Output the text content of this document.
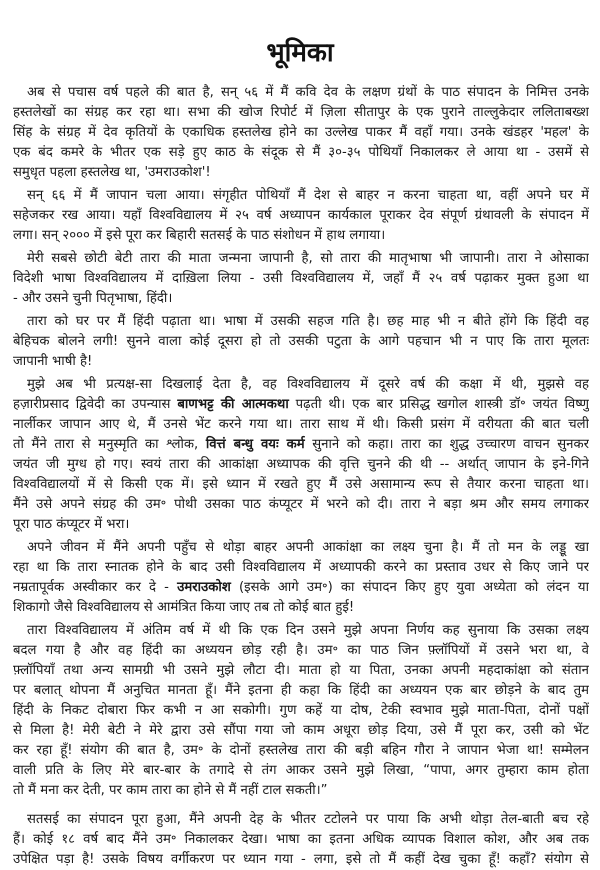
भूमिका
अब से पचास वर्ष पहले की बात है, सन् ५६ में मैं कवि देव के लक्षण ग्रंथों के पाठ संपादन के निमित्त उनके
हस्तलेखों का संग्रह कर रहा था। सभा की खोज रिपोर्ट में ज़िला सीतापुर के एक पुराने ताल्लुकेदार ललिताबख्श
सिंह के संग्रह में देव कृतियों के एकाधिक हस्तलेख होने का उल्लेख पाकर मैं वहाँ गया। उनके खंडहर 'महल' के
एक बंद कमरे के भीतर एक सड़े हुए काठ के संदूक से मैं ३०-३५ पोथियाँ निकालकर ले आया था - उसमें से
समुधृत पहला हस्तलेख था, 'उमराउकोश'!
सन् ६६ में मैं जापान चला आया। संगृहीत पोथियाँ मैं देश से बाहर न करना चाहता था, वहीं अपने घर में
सहेजकर रख आया। यहाँ विश्वविद्यालय में २५ वर्ष अध्यापन कार्यकाल पूराकर देव संपूर्ण ग्रंथावली के संपादन में
लगा। सन् २००० में इसे पूरा कर बिहारी सतसई के पाठ संशोधन में हाथ लगाया।
मेरी सबसे छोटी बेटी तारा की माता जन्मना जापानी है, सो तारा की मातृभाषा भी जापानी। तारा ने ओसाका
विदेशी भाषा विश्वविद्यालय में दाख़िला लिया - उसी विश्वविद्यालय में, जहाँ मैं २५ वर्ष पढ़ाकर मुक्त हुआ था
- और उसने चुनी पितृभाषा, हिंदी।
तारा को घर पर मैं हिंदी पढ़ाता था। भाषा में उसकी सहज गति है। छह माह भी न बीते होंगे कि हिंदी वह
बेहिचक बोलने लगी! सुनने वाला कोई दूसरा हो तो उसकी पटुता के आगे पहचान भी न पाए कि तारा मूलतः
जापानी भाषी है!
मुझे अब भी प्रत्यक्ष-सा दिखलाई देता है, वह विश्वविद्यालय में दूसरे वर्ष की कक्षा में थी, मुझसे वह
हज़ारीप्रसाद द्विवेदी का उपन्यास बाणभट्ट की आत्मकथा पढ़ती थी। एक बार प्रसिद्ध खगोल शास्त्री डॉ॰ जयंत विष्णु
नार्लीकर जापान आए थे, मैं उनसे भेंट करने गया था। तारा साथ में थी। किसी प्रसंग में वरीयता की बात चली
तो मैंने तारा से मनुस्मृति का श्लोक, वित्तं बन्धु वयः कर्म सुनाने को कहा। तारा का शुद्ध उच्चारण वाचन सुनकर
जयंत जी मुग्ध हो गए। स्वयं तारा की आकांक्षा अध्यापक की वृत्ति चुनने की थी -- अर्थात् जापान के इने-गिने
विश्वविद्यालयों में से किसी एक में। इसे ध्यान में रखते हुए मैं उसे असामान्य रूप से तैयार करना चाहता था।
मैंने उसे अपने संग्रह की उम॰ पोथी उसका पाठ कंप्यूटर में भरने को दी। तारा ने बड़ा श्रम और समय लगाकर
पूरा पाठ कंप्यूटर में भरा।
अपने जीवन में मैंने अपनी पहुँच से थोड़ा बाहर अपनी आकांक्षा का लक्ष्य चुना है। मैं तो मन के लड्डू खा
रहा था कि तारा स्नातक होने के बाद उसी विश्वविद्यालय में अध्यापकी करने का प्रस्ताव उधर से किए जाने पर
नम्रतापूर्वक अस्वीकार कर दे - उमराउकोश (इसके आगे उम॰) का संपादन किए हुए युवा अध्येता को लंदन या
शिकागो जैसे विश्वविद्यालय से आमंत्रित किया जाए तब तो कोई बात हुई!
तारा विश्वविद्यालय में अंतिम वर्ष में थी कि एक दिन उसने मुझे अपना निर्णय कह सुनाया कि उसका लक्ष्य
बदल गया है और वह हिंदी का अध्ययन छोड़ रही है। उम॰ का पाठ जिन फ़्लॉपियों में उसने भरा था, वे
फ़्लॉपियाँ तथा अन्य सामग्री भी उसने मुझे लौटा दी। माता हो या पिता, उनका अपनी महदाकांक्षा को संतान
पर बलात् थोपना मैं अनुचित मानता हूँ। मैंने इतना ही कहा कि हिंदी का अध्ययन एक बार छोड़ने के बाद तुम
हिंदी के निकट दोबारा फिर कभी न आ सकोगी। गुण कहें या दोष, टेकी स्वभाव मुझे माता-पिता, दोनों पक्षों
से मिला है! मेरी बेटी ने मेरे द्वारा उसे सौंपा गया जो काम अधूरा छोड़ दिया, उसे मैं पूरा कर, उसी को भेंट
कर रहा हूँ! संयोग की बात है, उम॰ के दोनों हस्तलेख तारा की बड़ी बहिन गौरा ने जापान भेजा था! सम्मेलन
वाली प्रति के लिए मेरे बार-बार के तगादे से तंग आकर उसने मुझे लिखा, “पापा, अगर तुम्हारा काम होता
तो मैं मना कर देती, पर काम तारा का होने से मैं नहीं टाल सकती।”
सतसई का संपादन पूरा हुआ, मैंने अपनी देह के भीतर टटोलने पर पाया कि अभी थोड़ा तेल-बाती बच रहे
हैं। कोई १८ वर्ष बाद मैंने उम॰ निकालकर देखा। भाषा का इतना अधिक व्यापक विशाल कोश, और अब तक
उपेक्षित पड़ा है! उसके विषय वर्गीकरण पर ध्यान गया - लगा, इसे तो मैं कहीं देख चुका हूँ! कहाँ? संयोग से
